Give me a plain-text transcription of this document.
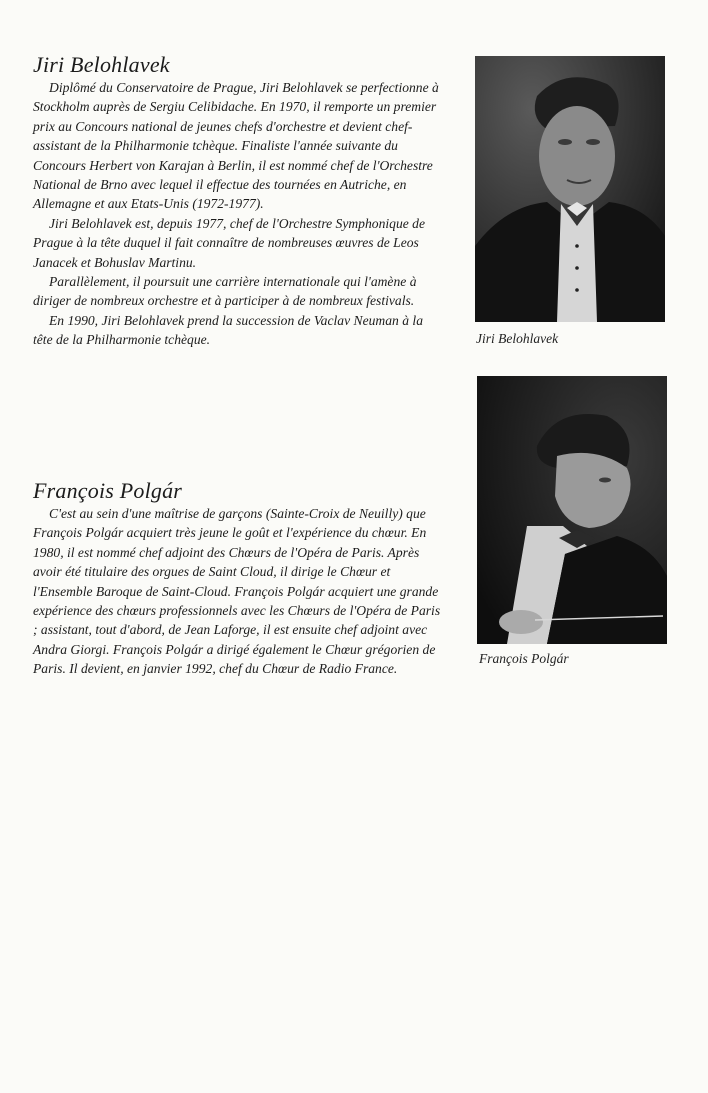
Jiri Belohlavek

Diplômé du Conservatoire de Prague, Jiri Belohlavek se perfectionne à Stockholm auprès de Sergiu Celibidache. En 1970, il remporte un premier prix au Concours national de jeunes chefs d'orchestre et devient chef-assistant de la Philharmonie tchèque. Finaliste l'année suivante du Concours Herbert von Karajan à Berlin, il est nommé chef de l'Orchestre National de Brno avec lequel il effectue des tournées en Autriche, en Allemagne et aux Etats-Unis (1972-1977).

Jiri Belohlavek est, depuis 1977, chef de l'Orchestre Symphonique de Prague à la tête duquel il fait connaître de nombreuses œuvres de Leos Janacek et Bohuslav Martinu.

Parallèlement, il poursuit une carrière internationale qui l'amène à diriger de nombreux orchestre et à participer à de nombreux festivals.

En 1990, Jiri Belohlavek prend la succession de Vaclav Neuman à la tête de la Philharmonie tchèque.	Jiri Belohlavek
François Polgár

C'est au sein d'une maîtrise de garçons (Sainte-Croix de Neuilly) que François Polgár acquiert très jeune le goût et l'expérience du chœur. En 1980, il est nommé chef adjoint des Chœurs de l'Opéra de Paris. Après avoir été titulaire des orgues de Saint Cloud, il dirige le Chœur et l'Ensemble Baroque de Saint-Cloud. François Polgár acquiert une grande expérience des chœurs professionnels avec les Chœurs de l'Opéra de Paris ; assistant, tout d'abord, de Jean Laforge, il est ensuite chef adjoint avec Andra Giorgi. François Polgár a dirigé également le Chœur grégorien de Paris. Il devient, en janvier 1992, chef du Chœur de Radio France.

François Polgár
